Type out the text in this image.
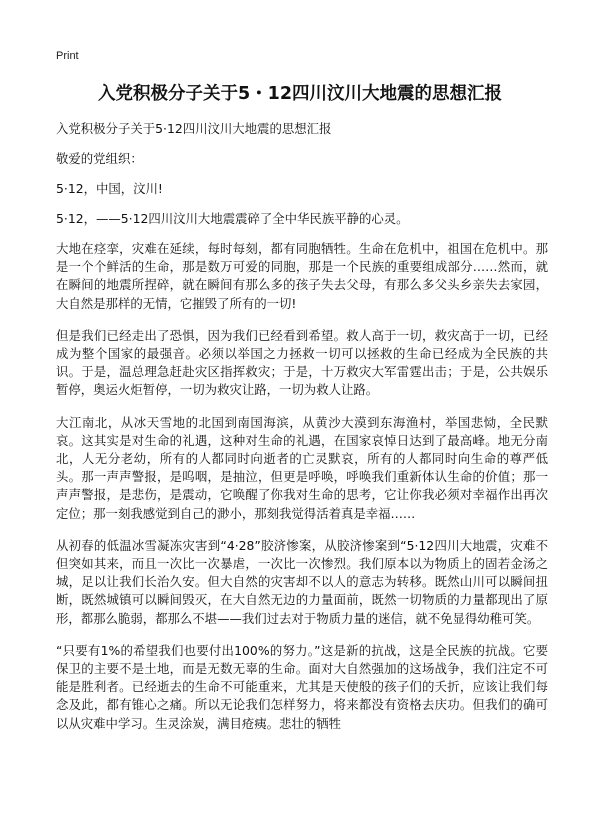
Print
入党积极分子关于5・12四川汶川大地震的思想汇报

入党积极分子关于5·12四川汶川大地震的思想汇报

敬爱的党组织：

5·12，中国，汶川!

5·12，——5·12四川汶川大地震震碎了全中华民族平静的心灵。

大地在痉挛，灾难在延续，每时每刻，都有同胞牺牲。生命在危机中，祖国在危机中。那是一个个鲜活的生命，那是数万可爱的同胞，那是一个民族的重要组成部分……然而，就在瞬间的地震所捏碎，就在瞬间有那么多的孩子失去父母，有那么多父头乡亲失去家园，大自然是那样的无情，它摧毁了所有的一切!

但是我们已经走出了恐惧，因为我们已经看到希望。救人高于一切，救灾高于一切，已经成为整个国家的最强音。必须以举国之力拯救一切可以拯救的生命已经成为全民族的共识。于是，温总理急赶赴灾区指挥救灾；于是，十万救灾大军雷霆出击；于是，公共娱乐暂停，奥运火炬暂停，一切为救灾让路，一切为救人让路。

大江南北，从冰天雪地的北国到南国海滨，从黄沙大漠到东海渔村，举国悲恸，全民默哀。这其实是对生命的礼遇，这种对生命的礼遇，在国家哀悼日达到了最高峰。地无分南北，人无分老幼，所有的人都同时向逝者的亡灵默哀，所有的人都同时向生命的尊严低头。那一声声警报，是呜咽，是抽泣，但更是呼唤，呼唤我们重新体认生命的价值；那一声声警报，是悲伤，是震动，它唤醒了你我对生命的思考，它让你我必须对幸福作出再次定位；那一刻我感觉到自己的渺小，那刻我觉得活着真是幸福……

从初春的低温冰雪凝冻灾害到“4·28”胶济惨案，从胶济惨案到“5·12四川大地震，灾难不但突如其来，而且一次比一次暴虐，一次比一次惨烈。我们原本以为物质上的固若金汤之城，足以让我们长治久安。但大自然的灾害却不以人的意志为转移。既然山川可以瞬间扭断，既然城镇可以瞬间毁灭，在大自然无边的力量面前，既然一切物质的力量都现出了原形，都那么脆弱，都那么不堪——我们过去对于物质力量的迷信，就不免显得幼稚可笑。

“只要有1%的希望我们也要付出100%的努力。”这是新的抗战，这是全民族的抗战。它要保卫的主要不是土地，而是无数无辜的生命。面对大自然强加的这场战争，我们注定不可能是胜利者。已经逝去的生命不可能重来，尤其是天使般的孩子们的夭折，应该让我们每念及此，都有锥心之痛。所以无论我们怎样努力，将来都没有资格去庆功。但我们的确可以从灾难中学习。生灵涂炭，满目疮痍。悲壮的牺牲
